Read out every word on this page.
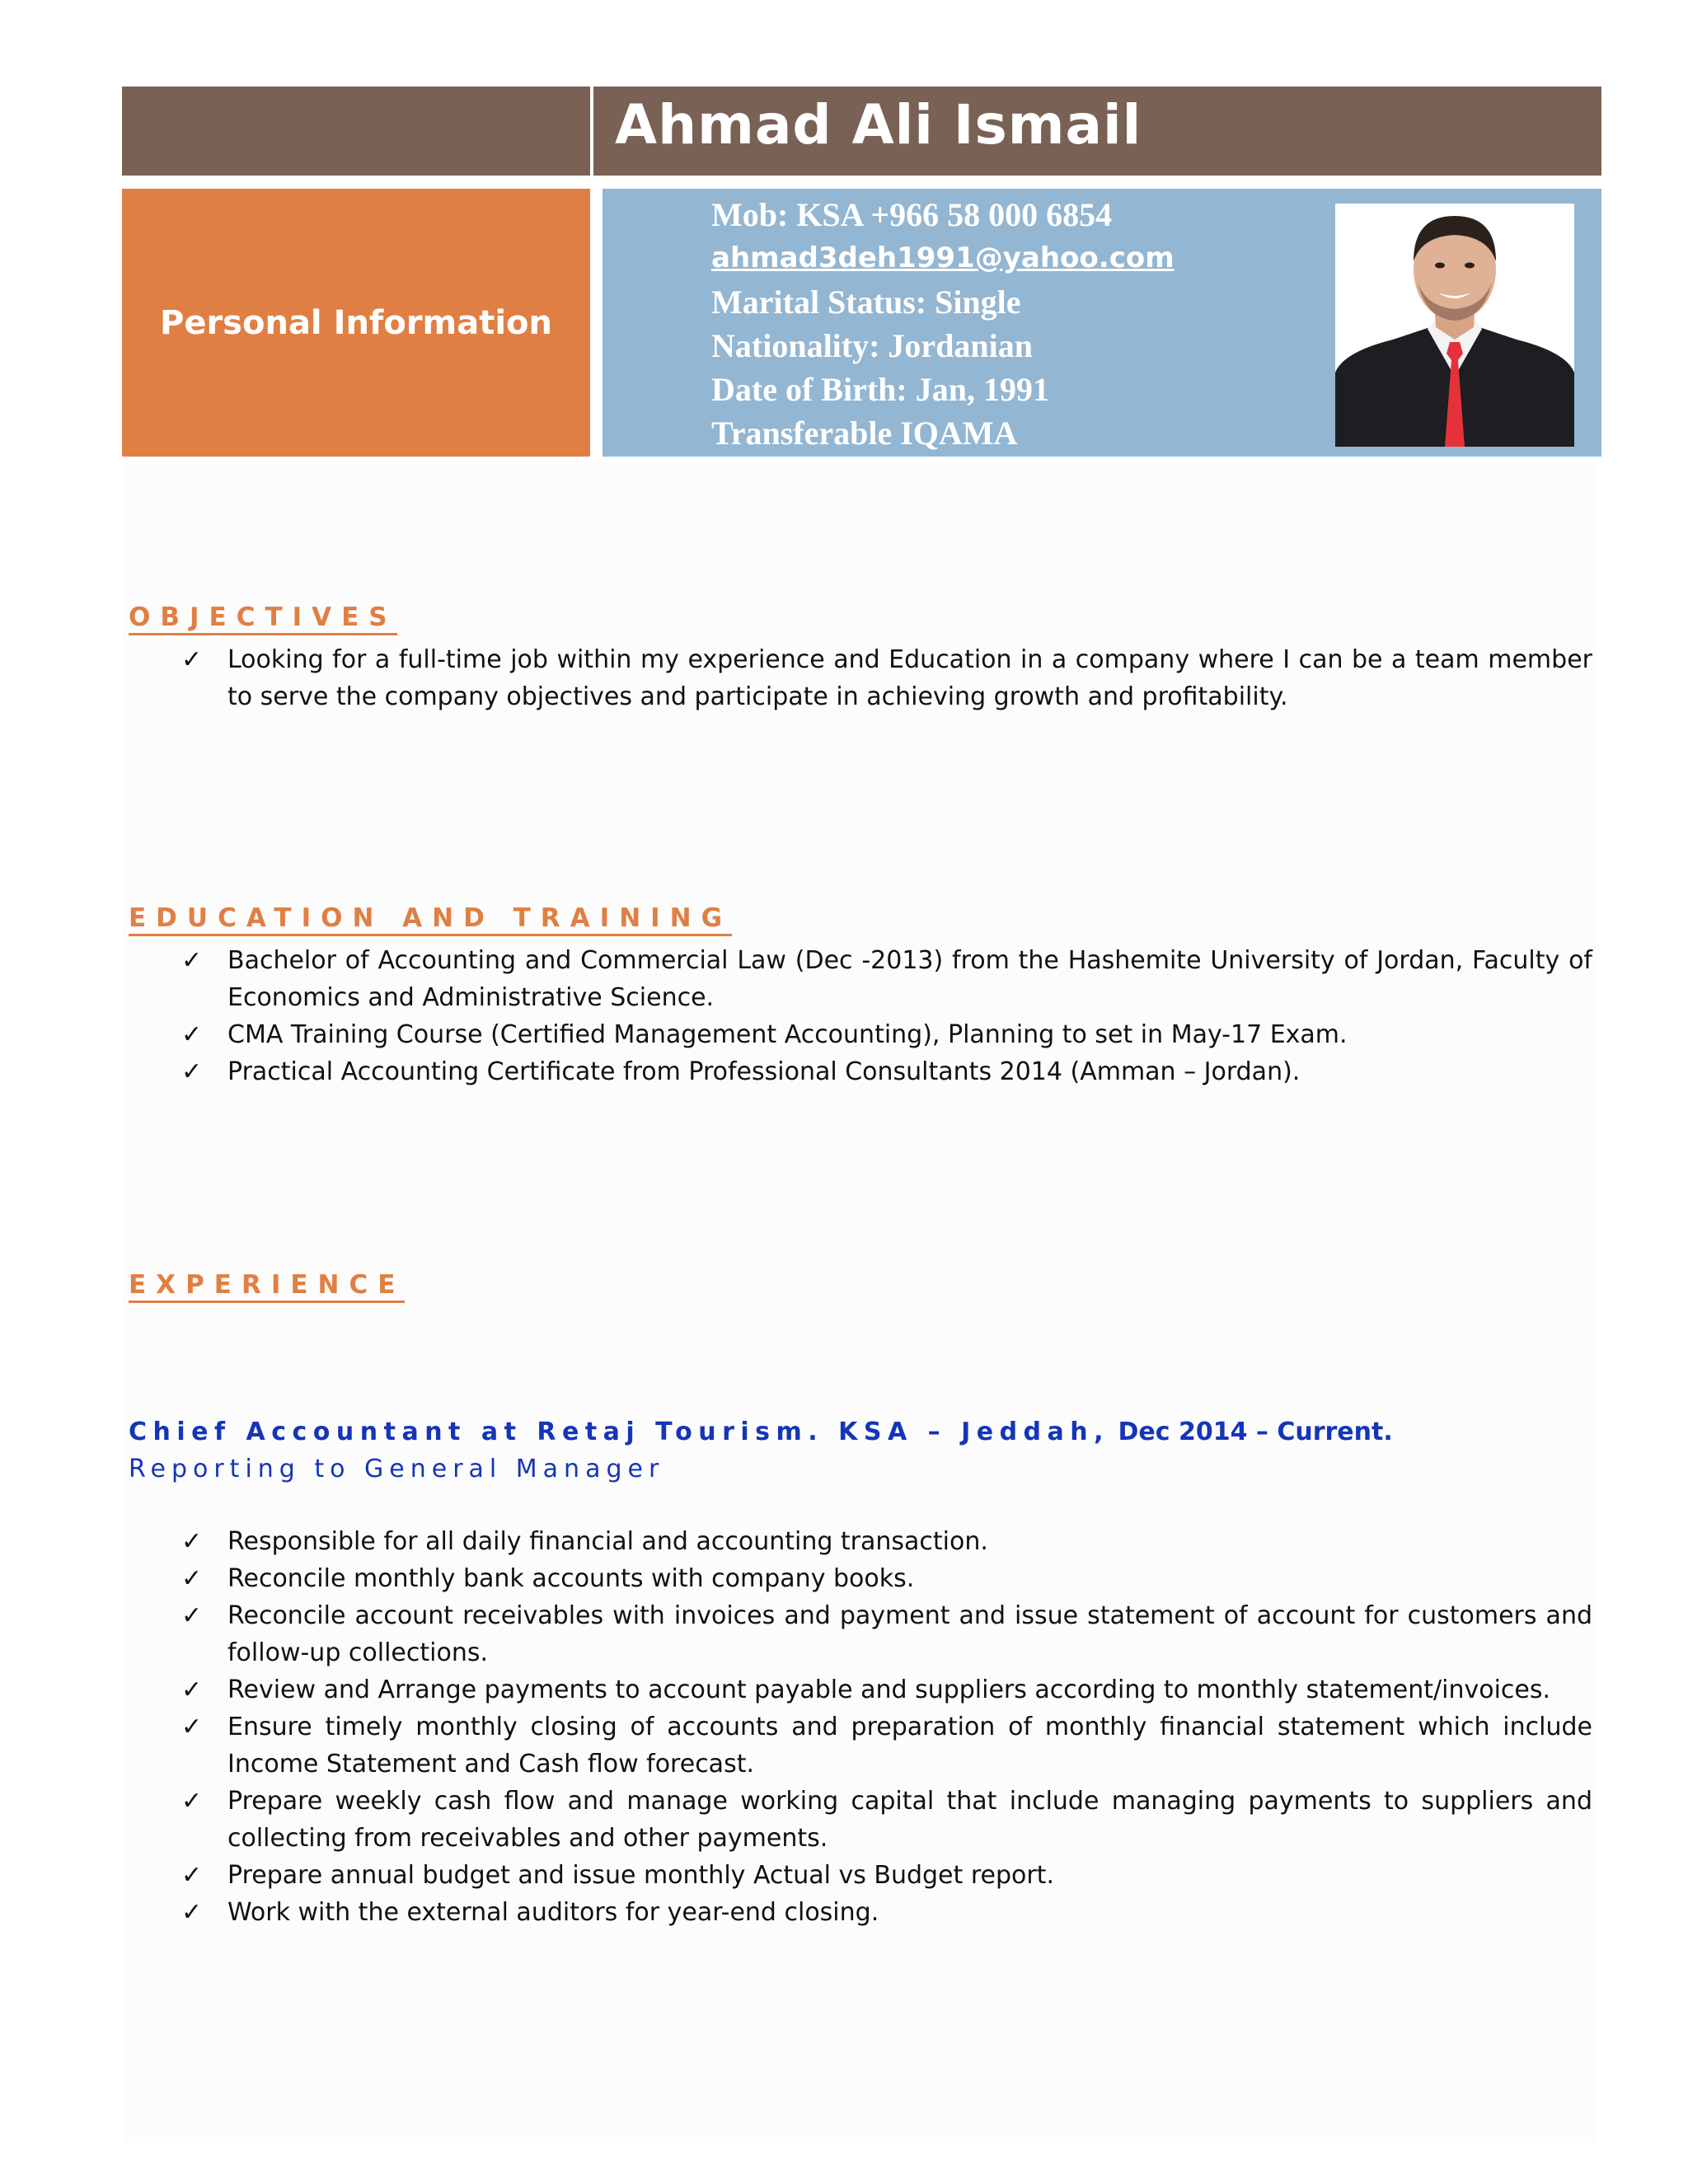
Ahmad Ali Ismail
Personal Information
Mob: KSA +966 58 000 6854
ahmad3deh1991@yahoo.com
Marital Status: Single
Nationality: Jordanian
Date of Birth: Jan, 1991
Transferable IQAMA
OBJECTIVES
✓ Looking for a full-time job within my experience and Education in a company where I can be a team member to serve the company objectives and participate in achieving growth and profitability.
EDUCATION AND TRAINING
✓ Bachelor of Accounting and Commercial Law (Dec -2013) from the Hashemite University of Jordan, Faculty of Economics and Administrative Science.
✓ CMA Training Course (Certified Management Accounting), Planning to set in May-17 Exam.
✓ Practical Accounting Certificate from Professional Consultants 2014 (Amman – Jordan).
EXPERIENCE
Chief Accountant at Retaj Tourism. KSA – Jeddah, Dec 2014 – Current.
Reporting to General Manager
✓ Responsible for all daily financial and accounting transaction.
✓ Reconcile monthly bank accounts with company books.
✓ Reconcile account receivables with invoices and payment and issue statement of account for customers and follow-up collections.
✓ Review and Arrange payments to account payable and suppliers according to monthly statement/invoices.
✓ Ensure timely monthly closing of accounts and preparation of monthly financial statement which include Income Statement and Cash flow forecast.
✓ Prepare weekly cash flow and manage working capital that include managing payments to suppliers and collecting from receivables and other payments.
✓ Prepare annual budget and issue monthly Actual vs Budget report.
✓ Work with the external auditors for year-end closing.
